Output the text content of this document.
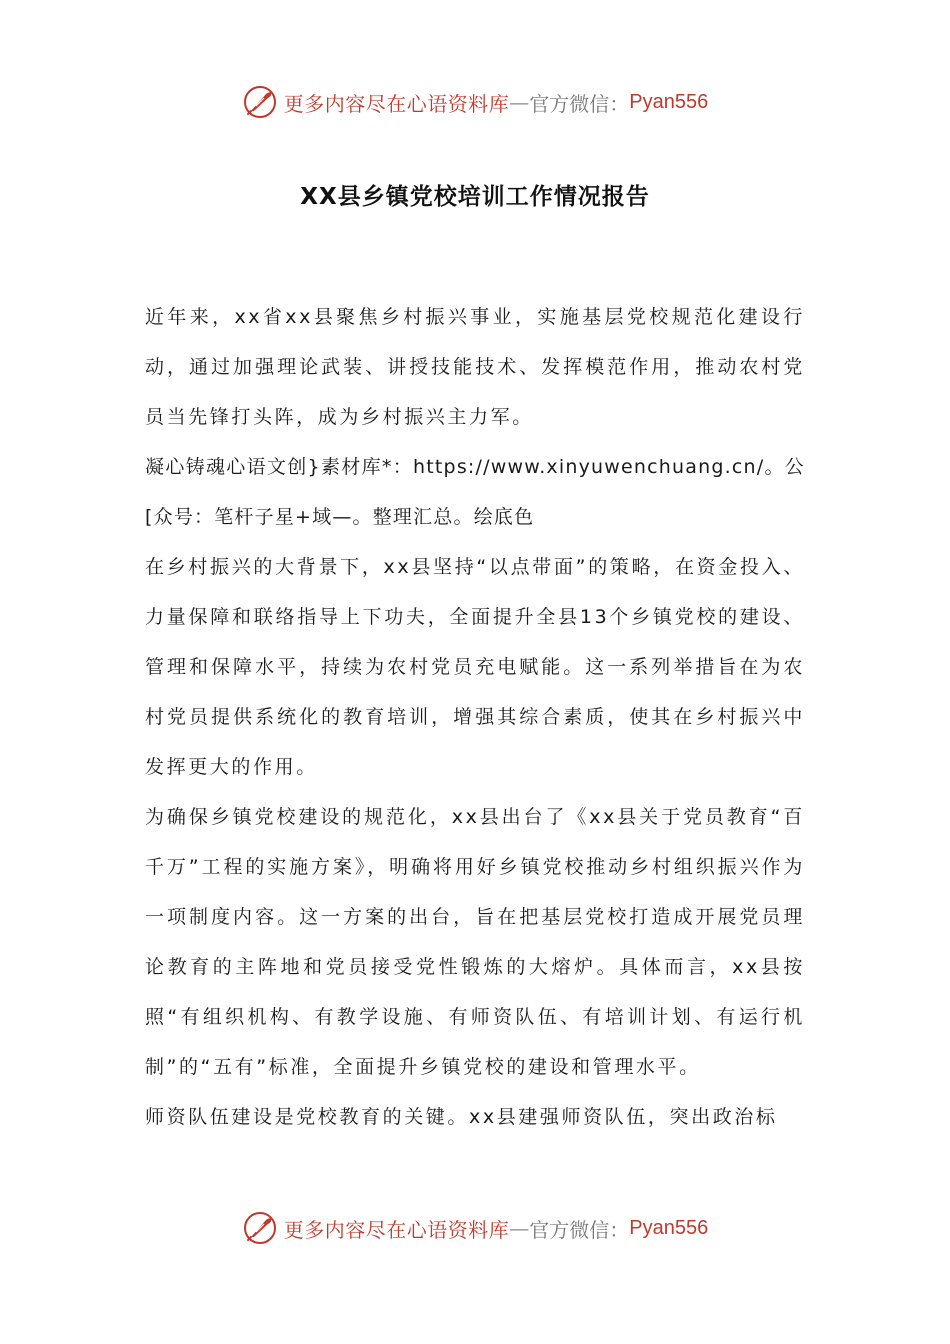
更多内容尽在心语资料库 — 官方微信： Pyan556
XX县乡镇党校培训工作情况报告

近年来，xx省xx县聚焦乡村振兴事业，实施基层党校规范化建设行动，通过加强理论武装、讲授技能技术、发挥模范作用，推动农村党员当先锋打头阵，成为乡村振兴主力军。

凝心铸魂心语文创}素材库*：https://www.xinyuwenchuang.cn/。公[众号：笔杆子星+域—。整理汇总。绘底色

在乡村振兴的大背景下，xx县坚持“以点带面”的策略，在资金投入、力量保障和联络指导上下功夫，全面提升全县13个乡镇党校的建设、管理和保障水平，持续为农村党员充电赋能。这一系列举措旨在为农村党员提供系统化的教育培训，增强其综合素质，使其在乡村振兴中发挥更大的作用。

为确保乡镇党校建设的规范化，xx县出台了《xx县关于党员教育“百千万”工程的实施方案》，明确将用好乡镇党校推动乡村组织振兴作为一项制度内容。这一方案的出台，旨在把基层党校打造成开展党员理论教育的主阵地和党员接受党性锻炼的大熔炉。具体而言，xx县按照“有组织机构、有教学设施、有师资队伍、有培训计划、有运行机制”的“五有”标准，全面提升乡镇党校的建设和管理水平。

师资队伍建设是党校教育的关键。xx县建强师资队伍，突出政治标

更多内容尽在心语资料库 — 官方微信： Pyan556
